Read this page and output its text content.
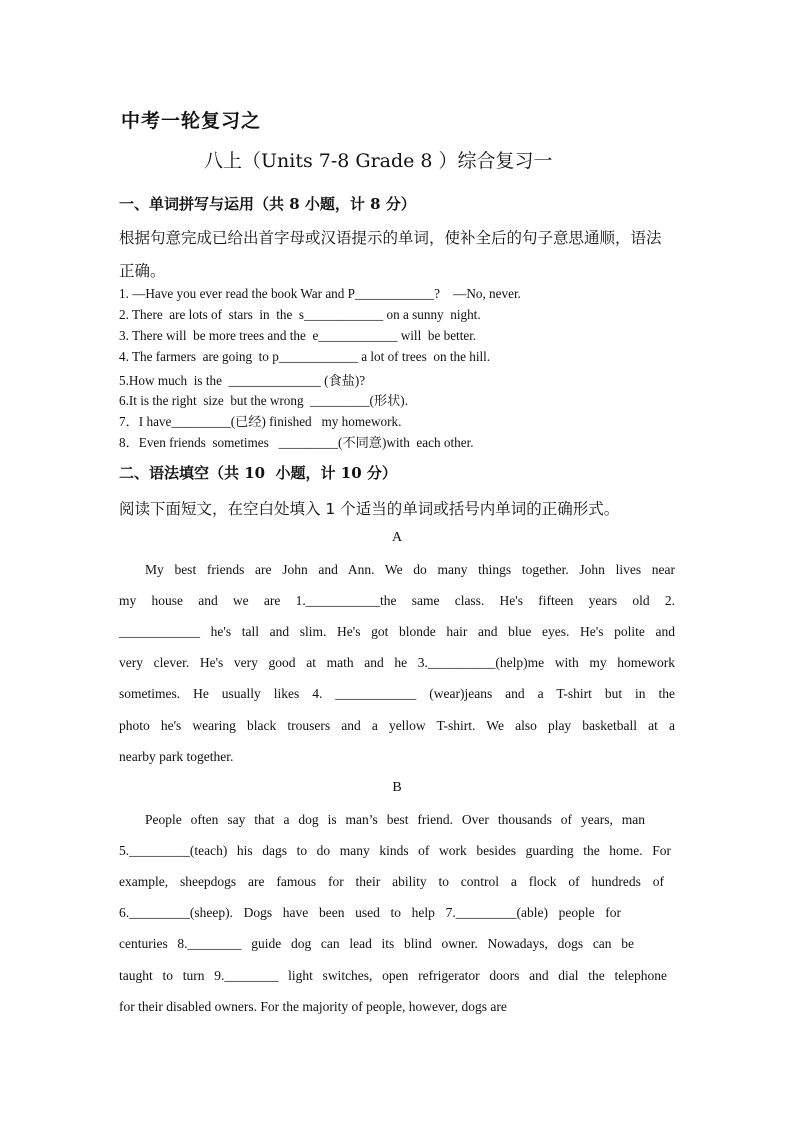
中考一轮复习之
八上（Units 7-8 Grade 8 ）综合复习一
一、单词拼写与运用（共 8 小题，计 8 分）
根据句意完成已给出首字母或汉语提示的单词，使补全后的句子意思通顺，语法
正确。
1. —Have you ever read the book War and P____________?    —No, never.
2. There  are lots of  stars  in  the  s____________ on a sunny  night.
3. There will  be more trees and the  e____________ will  be better.
4. The farmers  are going  to p____________ a lot of trees  on the hill.
5.How much  is the  ______________ (食盐)?
6.It is the right  size  but the wrong  _________(形状).
7．I have_________(已经) finished   my homework.
8．Even friends  sometimes   _________(不同意)with  each other.
二、语法填空（共 10  小题，计 10 分）
阅读下面短文，在空白处填入 1 个适当的单词或括号内单词的正确形式。
A
My best friends are John and Ann. We do many things together. John lives near
my house and we are 1.___________the same class. He's fifteen years old 2.
____________ he's tall and slim. He's got blonde hair and blue eyes. He's polite and
very clever. He's very good at math and he 3.__________(help)me with my homework
sometimes. He usually likes 4. ____________ (wear)jeans and a T-shirt but in the
photo he's wearing black trousers and a yellow T-shirt. We also play basketball at a
nearby park together.
B
People often say that a dog is man’s best friend. Over thousands of years, man
5._________(teach) his dags to do many kinds of work besides guarding the home. For
example, sheepdogs are famous for their ability to control a flock of hundreds of
6._________(sheep). Dogs have been used to help 7._________(able) people for
centuries 8.________ guide dog can lead its blind owner. Nowadays, dogs can be
taught to turn 9.________ light switches, open refrigerator doors and dial the telephone
for their disabled owners. For the majority of people, however, dogs are
